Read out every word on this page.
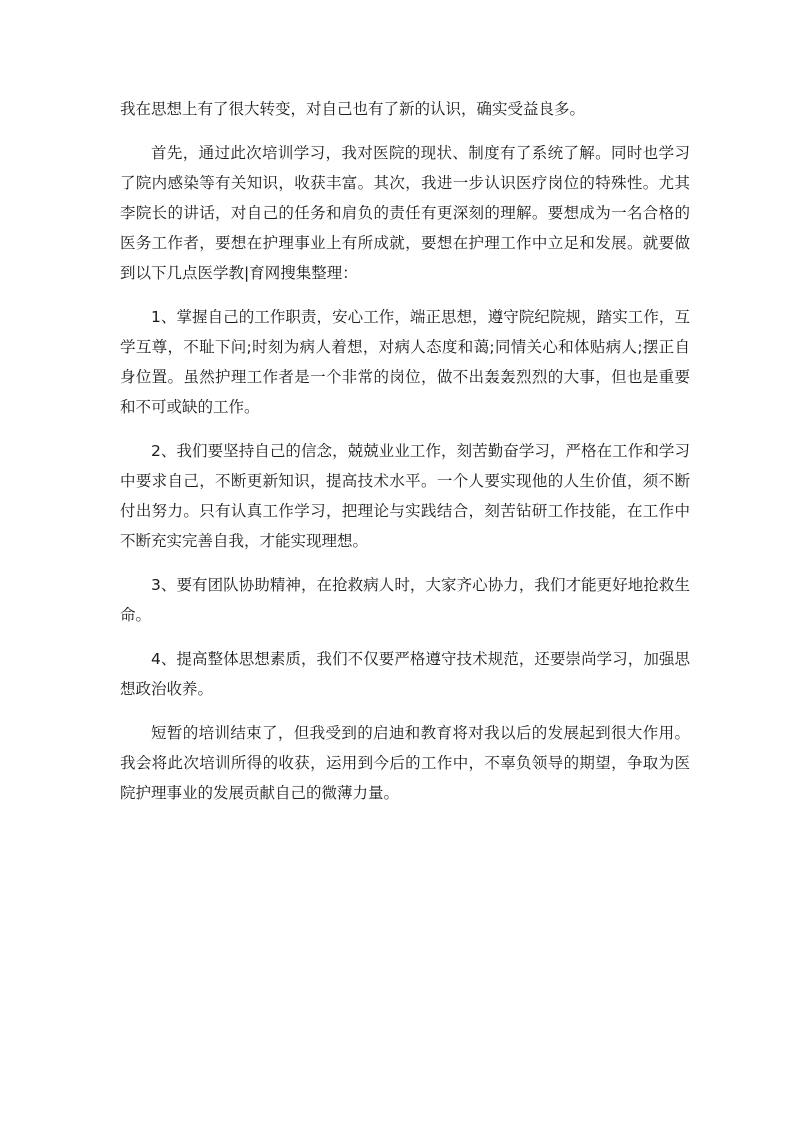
我在思想上有了很大转变，对自己也有了新的认识，确实受益良多。

首先，通过此次培训学习，我对医院的现状、制度有了系统了解。同时也学习了院内感染等有关知识，收获丰富。其次，我进一步认识医疗岗位的特殊性。尤其李院长的讲话，对自己的任务和肩负的责任有更深刻的理解。要想成为一名合格的医务工作者，要想在护理事业上有所成就，要想在护理工作中立足和发展。就要做到以下几点医学教|育网搜集整理：

1、掌握自己的工作职责，安心工作，端正思想，遵守院纪院规，踏实工作，互学互尊，不耻下问;时刻为病人着想，对病人态度和蔼;同情关心和体贴病人;摆正自身位置。虽然护理工作者是一个非常的岗位，做不出轰轰烈烈的大事，但也是重要和不可或缺的工作。

2、我们要坚持自己的信念，兢兢业业工作，刻苦勤奋学习，严格在工作和学习中要求自己，不断更新知识，提高技术水平。一个人要实现他的人生价值，须不断付出努力。只有认真工作学习，把理论与实践结合，刻苦钻研工作技能，在工作中不断充实完善自我，才能实现理想。

3、要有团队协助精神，在抢救病人时，大家齐心协力，我们才能更好地抢救生命。

4、提高整体思想素质，我们不仅要严格遵守技术规范，还要崇尚学习，加强思想政治收养。

短暂的培训结束了，但我受到的启迪和教育将对我以后的发展起到很大作用。我会将此次培训所得的收获，运用到今后的工作中，不辜负领导的期望，争取为医院护理事业的发展贡献自己的微薄力量。
